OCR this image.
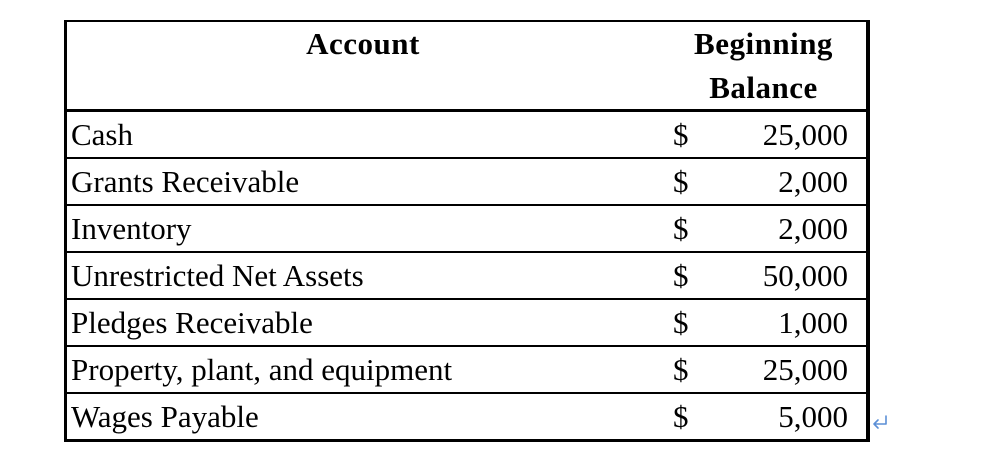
Account	Beginning
Balance
Cash	$ 25,000
Grants Receivable	$	2,000
Inventory	$	2,000
Unrestricted Net Assets	$ 50,000
Pledges Receivable	$	1,000
Property, plant, and equipment	$ 25,000
Wages Payable	$	5,000
